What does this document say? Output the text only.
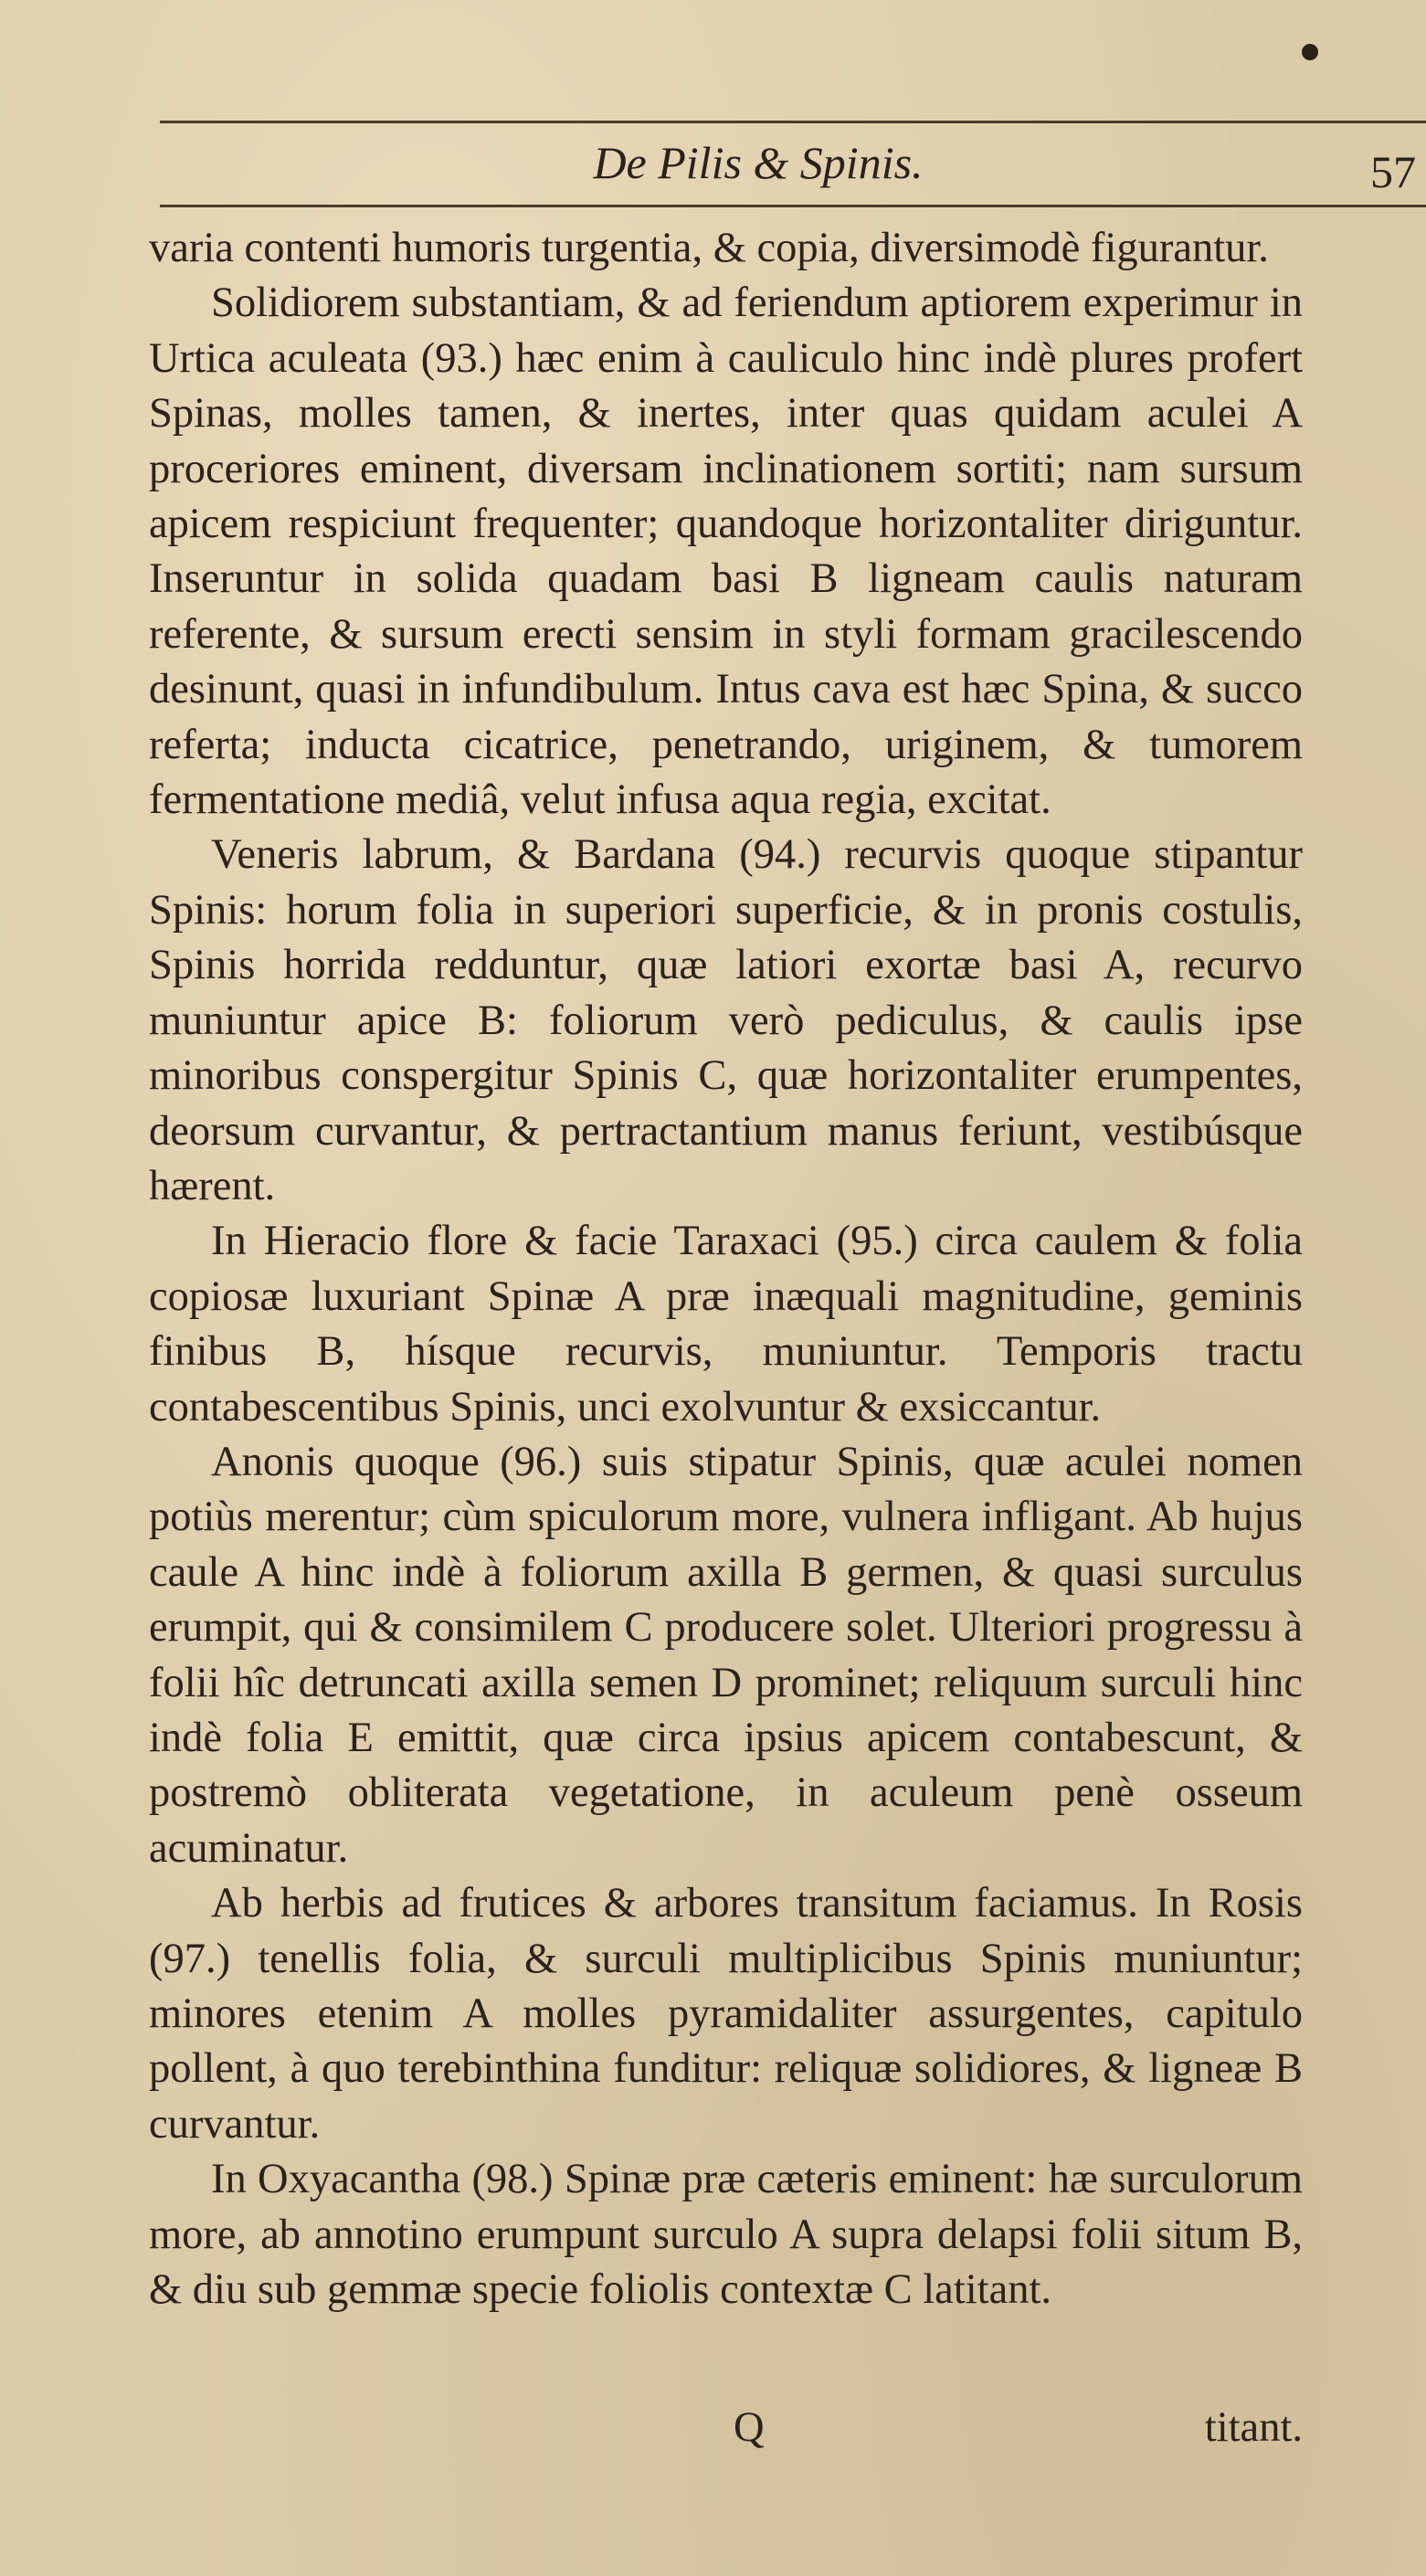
De Pilis & Spinis.	57

varia contenti humoris turgentia, & copia, diversimodè figurantur.

Solidiorem substantiam, & ad feriendum aptiorem experimur in Urtica aculeata (93.) hæc enim à cauliculo hinc indè plures profert Spinas, molles tamen, & inertes, inter quas quidam aculei A proceriores eminent, diversam inclinationem sortiti; nam sursum apicem respiciunt frequenter; quandoque horizontaliter diriguntur. Inseruntur in solida quadam basi B ligneam caulis naturam referente, & sursum erecti sensim in styli formam gracilescendo desinunt, quasi in infundibulum. Intus cava est hæc Spina, & succo referta; inducta cicatrice, penetrando, uriginem, & tumorem fermentatione mediâ, velut infusa aqua regia, excitat.

Veneris labrum, & Bardana (94.) recurvis quoque stipantur Spinis: horum folia in superiori superficie, & in pronis costulis, Spinis horrida redduntur, quæ latiori exortæ basi A, recurvo muniuntur apice B: foliorum verò pediculus, & caulis ipse minoribus conspergitur Spinis C, quæ horizontaliter erumpentes, deorsum curvantur, & pertractantium manus feriunt, vestibúsque hærent.

In Hieracio flore & facie Taraxaci (95.) circa caulem & folia copiosæ luxuriant Spinæ A præ inæquali magnitudine, geminis finibus B, hísque recurvis, muniuntur. Temporis tractu contabescentibus Spinis, unci exolvuntur & exsiccantur.

Anonis quoque (96.) suis stipatur Spinis, quæ aculei nomen potiùs merentur; cùm spiculorum more, vulnera infligant. Ab hujus caule A hinc indè à foliorum axilla B germen, & quasi surculus erumpit, qui & consimilem C producere solet. Ulteriori progressu à folii hîc detruncati axilla semen D prominet; reliquum surculi hinc indè folia E emittit, quæ circa ipsius apicem contabescunt, & postremò obliterata vegetatione, in aculeum penè osseum acuminatur.

Ab herbis ad frutices & arbores transitum faciamus. In Rosis (97.) tenellis folia, & surculi multiplicibus Spinis muniuntur; minores etenim A molles pyramidaliter assurgentes, capitulo pollent, à quo terebinthina funditur: reliquæ solidiores, & ligneæ B curvantur.

In Oxyacantha (98.) Spinæ præ cæteris eminent: hæ surculorum more, ab annotino erumpunt surculo A supra delapsi folii situm B, & diu sub gemmæ specie foliolis contextæ C latitant.

Q	titant.
